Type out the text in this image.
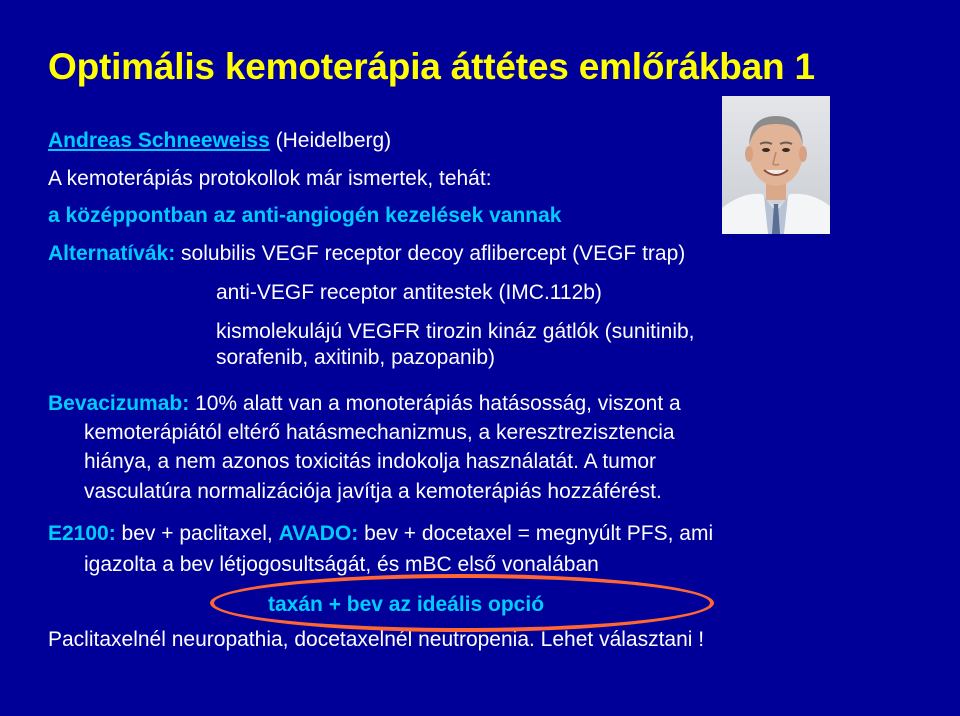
Optimális kemoterápia áttétes emlőrákban 1
Andreas Schneeweiss (Heidelberg)
A kemoterápiás protokollok már ismertek, tehát:
a középpontban az anti-angiogén kezelések vannak
Alternatívák: solubilis VEGF receptor decoy aflibercept (VEGF trap)
anti-VEGF receptor antitestek (IMC.112b)
kismolekulájú VEGFR tirozin kináz gátlók (sunitinib,
sorafenib, axitinib, pazopanib)
Bevacizumab: 10% alatt van a monoterápiás hatásosság, viszont a
kemoterápiától eltérő hatásmechanizmus, a keresztrezisztencia
hiánya, a nem azonos toxicitás indokolja használatát. A tumor
vasculatúra normalizációja javítja a kemoterápiás hozzáférést.
E2100: bev + paclitaxel, AVADO: bev + docetaxel = megnyúlt PFS, ami
igazolta a bev létjogosultságát, és mBC első vonalában
taxán + bev az ideális opció
Paclitaxelnél neuropathia, docetaxelnél neutropenia. Lehet választani !
